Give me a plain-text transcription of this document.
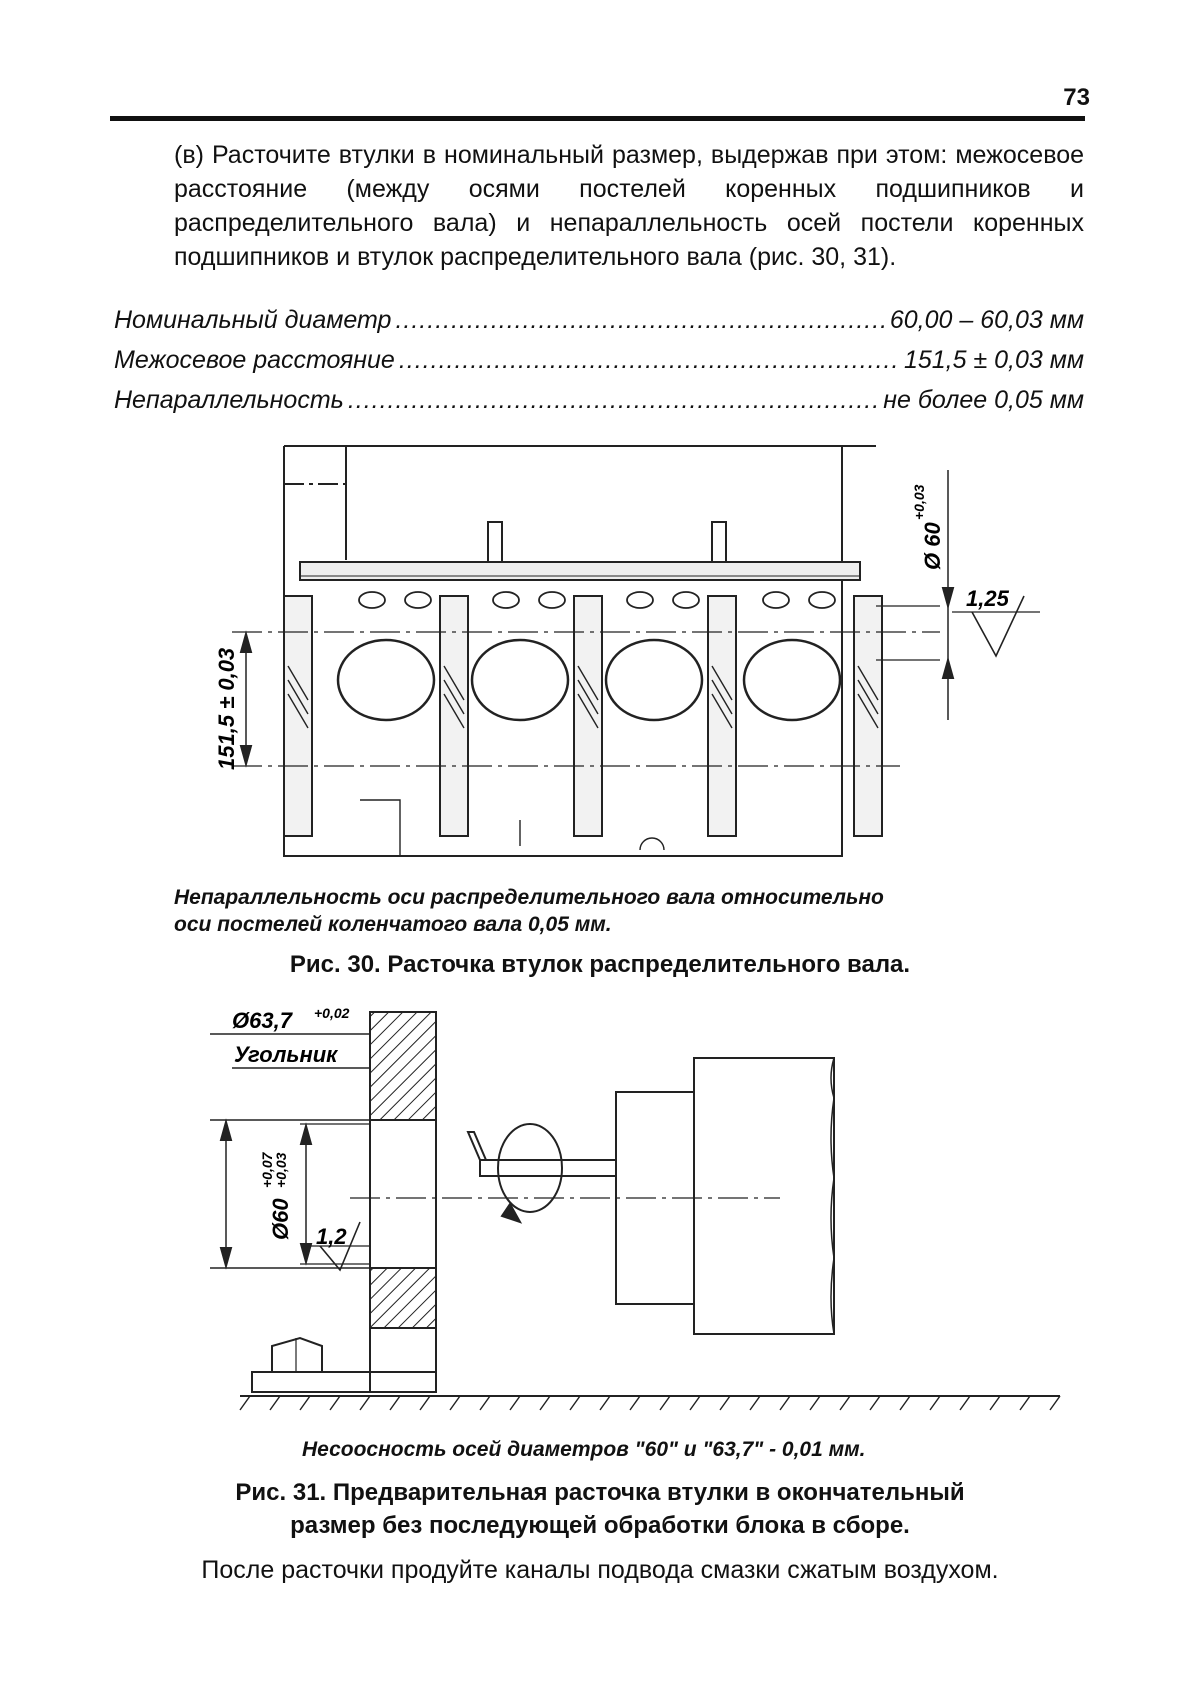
73
(в) Расточите втулки в номинальный размер, выдержав при этом: межосевое расстояние (между осями постелей коренных подшипников и распределительного вала) и непараллельность осей постели коренных подшипников и втулок распределительного вала (рис. 30, 31).
Номинальный диаметр .....	60,00 – 60,03 мм
Межосевое расстояние .....	151,5 ± 0,03 мм
Непараллельность .....	не более 0,05 мм
151,5 ± 0,03
Ø 60
+0,03
1,25
Непараллельность оси распределительного вала относительно
оси постелей коленчатого вала 0,05 мм.
Рис. 30. Расточка втулок распределительного вала.
Ø63,7 +0,02
Угольник
Ø60
+0,07
+0,03
1,2
Несоосность осей диаметров "60" и "63,7" - 0,01 мм.
Рис. 31. Предварительная расточка втулки в окончательный
размер без последующей обработки блока в сборе.
После расточки продуйте каналы подвода смазки сжатым воздухом.
